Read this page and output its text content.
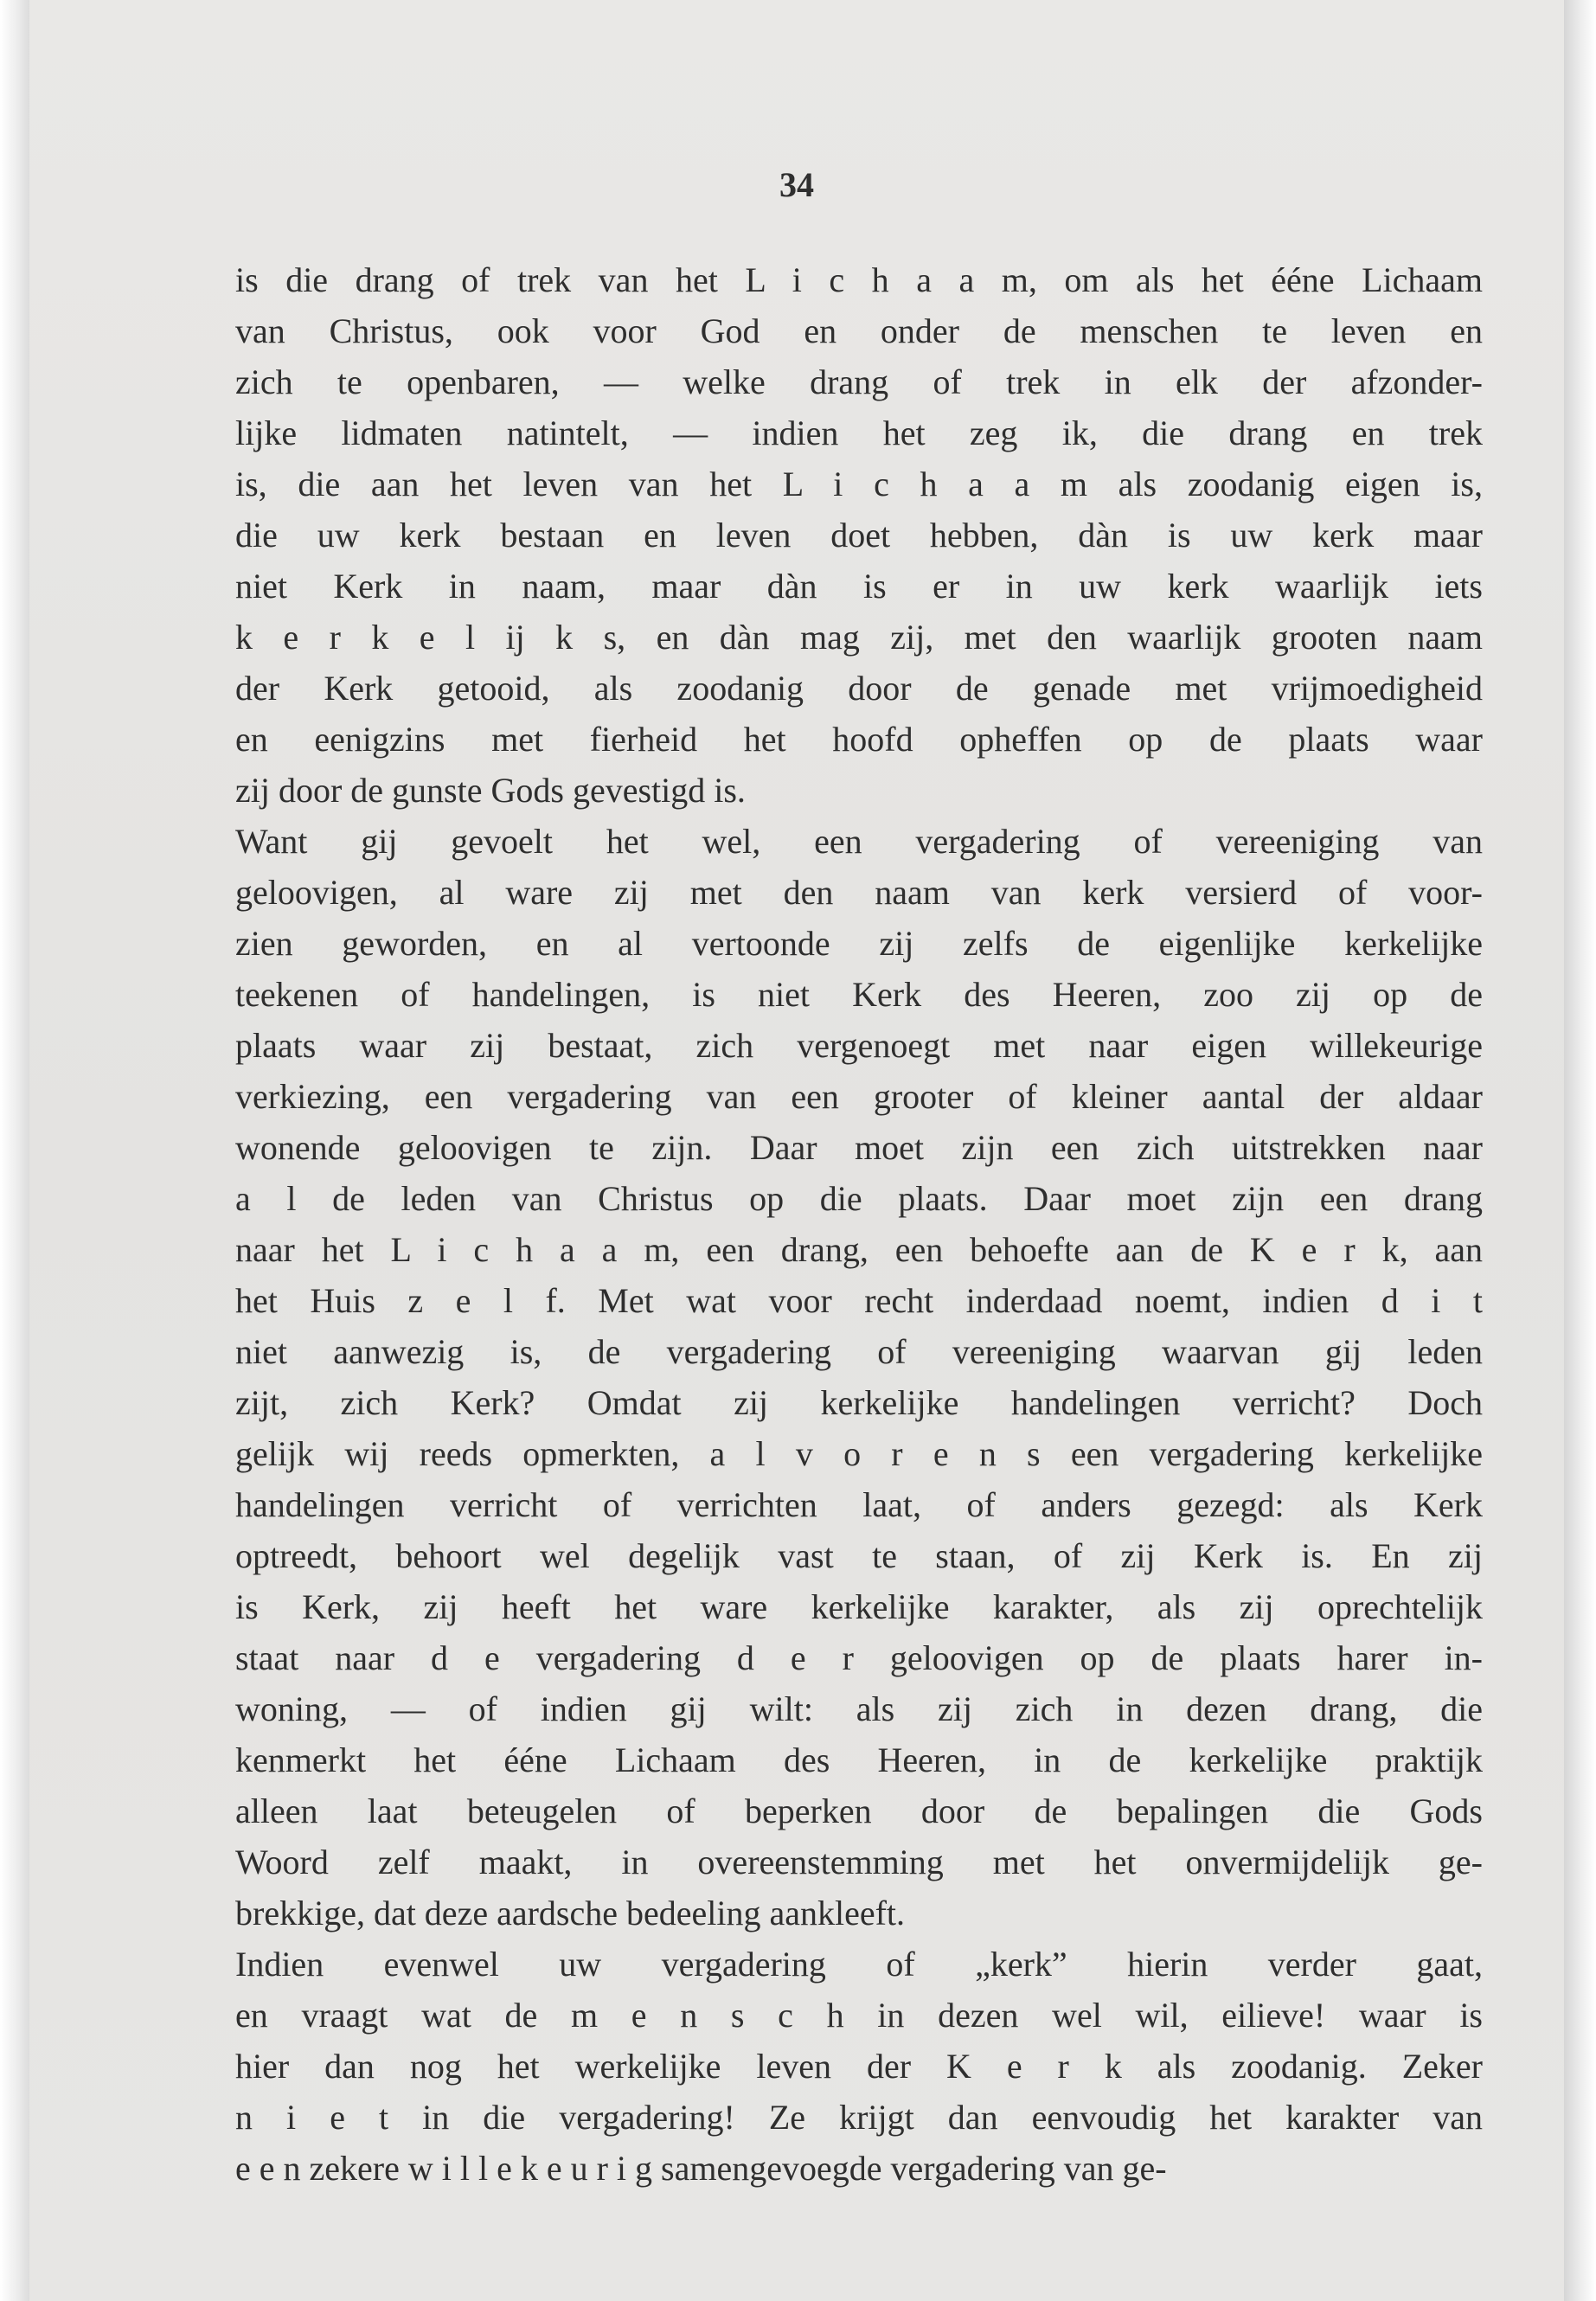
34
is die drang of trek van het L i c h a a m, om als het ééne Lichaam
van Christus, ook voor God en onder de menschen te leven en
zich te openbaren, — welke drang of trek in elk der afzonder-
lijke lidmaten natintelt, — indien het zeg ik, die drang en trek
is, die aan het leven van het L i c h a a m als zoodanig eigen is,
die uw kerk bestaan en leven doet hebben, dàn is uw kerk maar
niet Kerk in naam, maar dàn is er in uw kerk waarlijk iets
k e r k e l ij k s, en dàn mag zij, met den waarlijk grooten naam
der Kerk getooid, als zoodanig door de genade met vrijmoedigheid
en eenigzins met fierheid het hoofd opheffen op de plaats waar
zij door de gunste Gods gevestigd is.
Want gij gevoelt het wel, een vergadering of vereeniging van
geloovigen, al ware zij met den naam van kerk versierd of voor-
zien geworden, en al vertoonde zij zelfs de eigenlijke kerkelijke
teekenen of handelingen, is niet Kerk des Heeren, zoo zij op de
plaats waar zij bestaat, zich vergenoegt met naar eigen willekeurige
verkiezing, een vergadering van een grooter of kleiner aantal der aldaar
wonende geloovigen te zijn. Daar moet zijn een zich uitstrekken naar
a l de leden van Christus op die plaats. Daar moet zijn een drang
naar het L i c h a a m, een drang, een behoefte aan de K e r k, aan
het Huis z e l f. Met wat voor recht inderdaad noemt, indien d i t
niet aanwezig is, de vergadering of vereeniging waarvan gij leden
zijt, zich Kerk? Omdat zij kerkelijke handelingen verricht? Doch
gelijk wij reeds opmerkten, a l v o r e n s een vergadering kerkelijke
handelingen verricht of verrichten laat, of anders gezegd: als Kerk
optreedt, behoort wel degelijk vast te staan, of zij Kerk is. En zij
is Kerk, zij heeft het ware kerkelijke karakter, als zij oprechtelijk
staat naar d e vergadering d e r geloovigen op de plaats harer in-
woning, — of indien gij wilt: als zij zich in dezen drang, die
kenmerkt het ééne Lichaam des Heeren, in de kerkelijke praktijk
alleen laat beteugelen of beperken door de bepalingen die Gods
Woord zelf maakt, in overeenstemming met het onvermijdelijk ge-
brekkige, dat deze aardsche bedeeling aankleeft.
Indien evenwel uw vergadering of „kerk” hierin verder gaat,
en vraagt wat de m e n s c h in dezen wel wil, eilieve! waar is
hier dan nog het werkelijke leven der K e r k als zoodanig. Zeker
n i e t in die vergadering! Ze krijgt dan eenvoudig het karakter van
e e n zekere w i l l e k e u r i g samengevoegde vergadering van ge-
